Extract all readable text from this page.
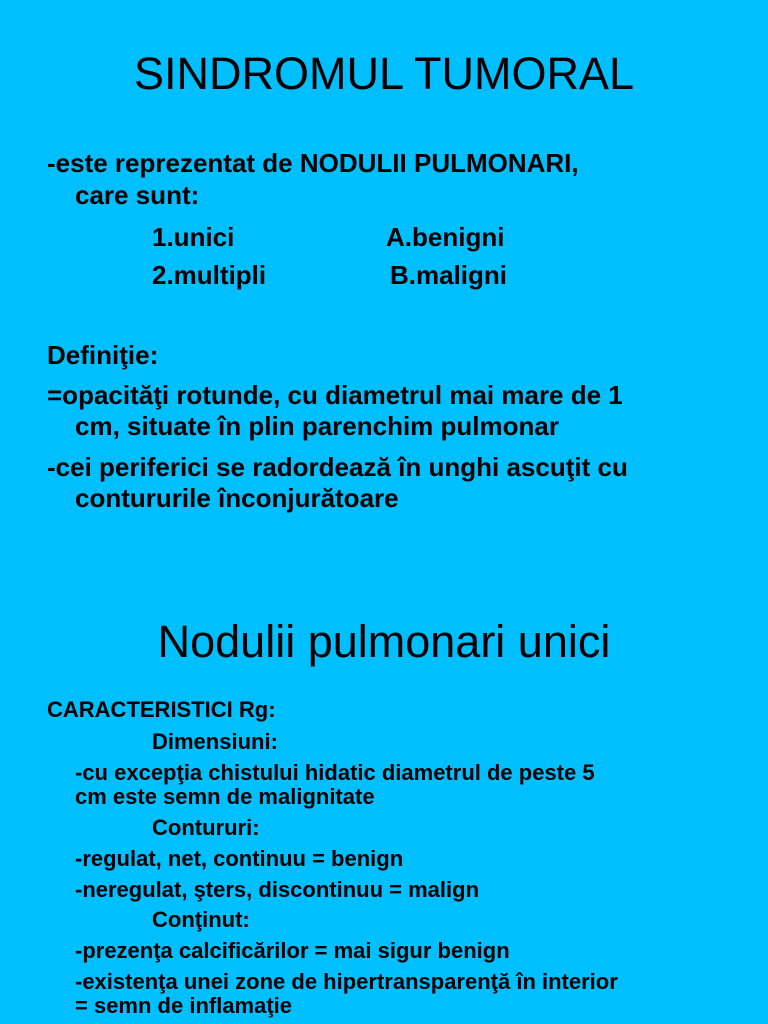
SINDROMUL TUMORAL

-este reprezentat de NODULII PULMONARI,

care sunt:

1.unici	A.benigni

2.multipli	B.maligni

Definiţie:

=opacităţi rotunde, cu diametrul mai mare de 1

cm, situate în plin parenchim pulmonar

-cei periferici se radordează în unghi ascuţit cu

contururile înconjurătoare

Nodulii pulmonari unici

CARACTERISTICI Rg:

Dimensiuni:

-cu excepţia chistului hidatic diametrul de peste 5

cm este semn de malignitate

Contururi:

-regulat, net, continuu = benign

-neregulat, şters, discontinuu = malign

Conţinut:

-prezenţa calcificărilor = mai sigur benign

-existenţa unei zone de hipertransparenţă în interior

= semn de inflamaţie
